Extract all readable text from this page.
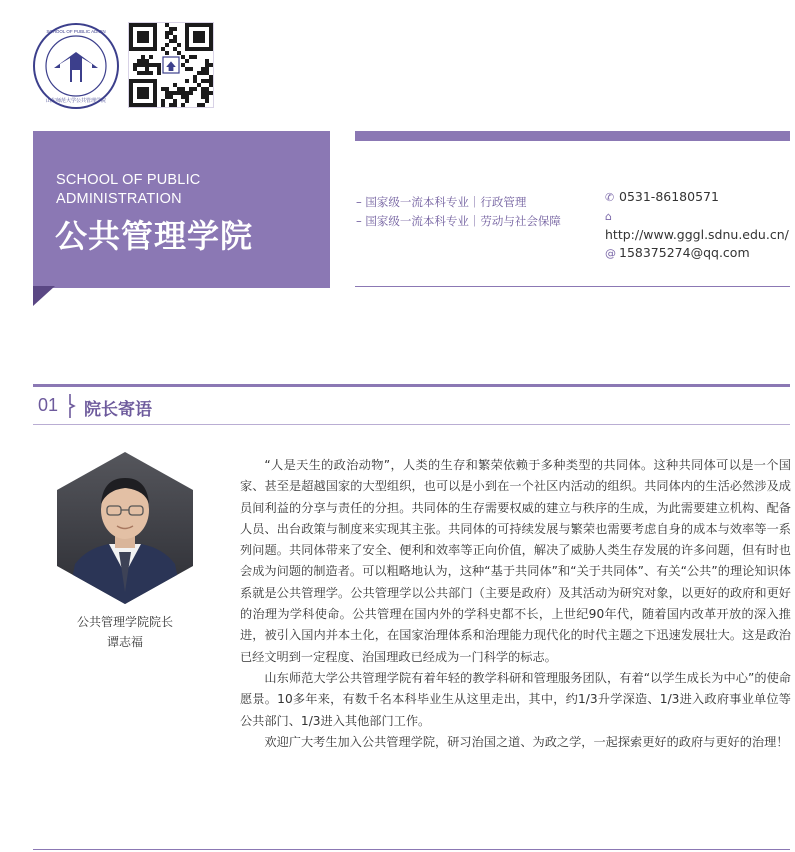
山东师范大学公共管理学院
SCHOOL OF PUBLIC ADMIN
SCHOOL OF PUBLIC
ADMINISTRATION
公共管理学院
– 国家级一流本科专业｜行政管理
– 国家级一流本科专业｜劳动与社会保障
✆ 0531-86180571
⌂http://www.gggl.sdnu.edu.cn/
@ 158375274@qq.com
01 院长寄语
公共管理学院院长
谭志福

“人是天生的政治动物”，人类的生存和繁荣依赖于多种类型的共同体。这种共同体可以是一个国家、甚至是超越国家的大型组织，也可以是小到在一个社区内活动的组织。共同体内的生活必然涉及成员间利益的分享与责任的分担。共同体的生存需要权威的建立与秩序的生成，为此需要建立机构、配备人员、出台政策与制度来实现其主张。共同体的可持续发展与繁荣也需要考虑自身的成本与效率等一系列问题。共同体带来了安全、便利和效率等正向价值，解决了威胁人类生存发展的许多问题，但有时也会成为问题的制造者。可以粗略地认为，这种“基于共同体”和“关于共同体”、有关“公共”的理论知识体系就是公共管理学。公共管理学以公共部门（主要是政府）及其活动为研究对象，以更好的政府和更好的治理为学科使命。公共管理在国内外的学科史都不长，上世纪90年代，随着国内改革开放的深入推进，被引入国内并本土化，在国家治理体系和治理能力现代化的时代主题之下迅速发展壮大。这是政治已经文明到一定程度、治国理政已经成为一门科学的标志。

山东师范大学公共管理学院有着年轻的教学科研和管理服务团队，有着“以学生成长为中心”的使命愿景。10多年来，有数千名本科毕业生从这里走出，其中，约1/3升学深造、1/3进入政府事业单位等公共部门、1/3进入其他部门工作。

欢迎广大考生加入公共管理学院，研习治国之道、为政之学，一起探索更好的政府与更好的治理！
